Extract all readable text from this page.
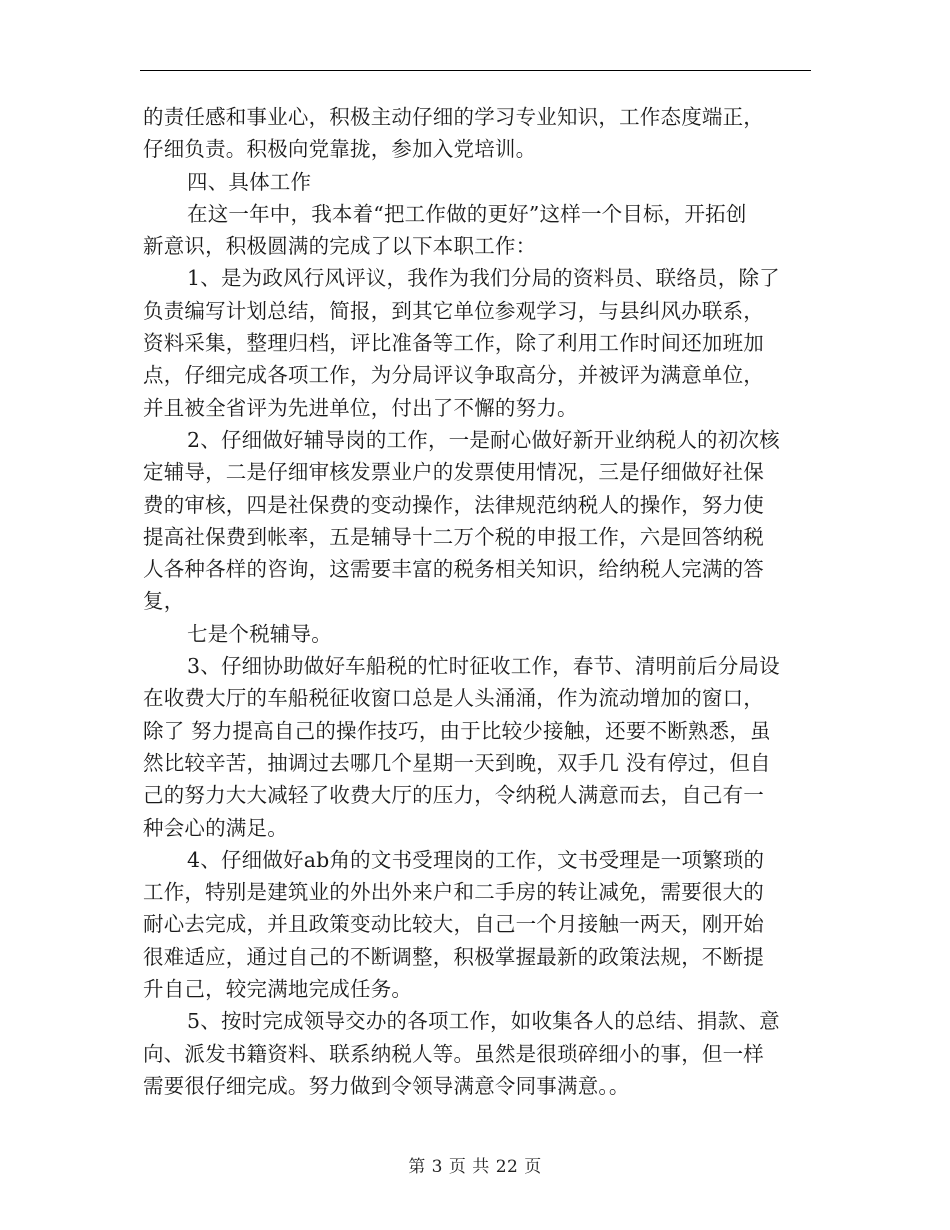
的责任感和事业心，积极主动仔细的学习专业知识，工作态度端正，
仔细负责。积极向党靠拢，参加入党培训。
四、具体工作
在这一年中，我本着“把工作做的更好”这样一个目标，开拓创
新意识，积极圆满的完成了以下本职工作：
1、是为政风行风评议，我作为我们分局的资料员、联络员，除了
负责编写计划总结，简报，到其它单位参观学习，与县纠风办联系，
资料采集，整理归档，评比准备等工作，除了利用工作时间还加班加
点，仔细完成各项工作，为分局评议争取高分，并被评为满意单位，
并且被全省评为先进单位，付出了不懈的努力。
2、仔细做好辅导岗的工作，一是耐心做好新开业纳税人的初次核
定辅导，二是仔细审核发票业户的发票使用情况，三是仔细做好社保
费的审核，四是社保费的变动操作，法律规范纳税人的操作，努力使
提高社保费到帐率，五是辅导十二万个税的申报工作，六是回答纳税
人各种各样的咨询，这需要丰富的税务相关知识，给纳税人完满的答
复，
七是个税辅导。
3、仔细协助做好车船税的忙时征收工作，春节、清明前后分局设
在收费大厅的车船税征收窗口总是人头涌涌，作为流动增加的窗口，
除了 努力提高自己的操作技巧，由于比较少接触，还要不断熟悉，虽
然比较辛苦，抽调过去哪几个星期一天到晚，双手几 没有停过，但自
己的努力大大减轻了收费大厅的压力，令纳税人满意而去，自己有一
种会心的满足。
4、仔细做好ab角的文书受理岗的工作，文书受理是一项繁琐的
工作，特别是建筑业的外出外来户和二手房的转让减免，需要很大的
耐心去完成，并且政策变动比较大，自己一个月接触一两天，刚开始
很难适应，通过自己的不断调整，积极掌握最新的政策法规，不断提
升自己，较完满地完成任务。
5、按时完成领导交办的各项工作，如收集各人的总结、捐款、意
向、派发书籍资料、联系纳税人等。虽然是很琐碎细小的事，但一样
需要很仔细完成。努力做到令领导满意令同事满意。。
第 3 页 共 22 页
